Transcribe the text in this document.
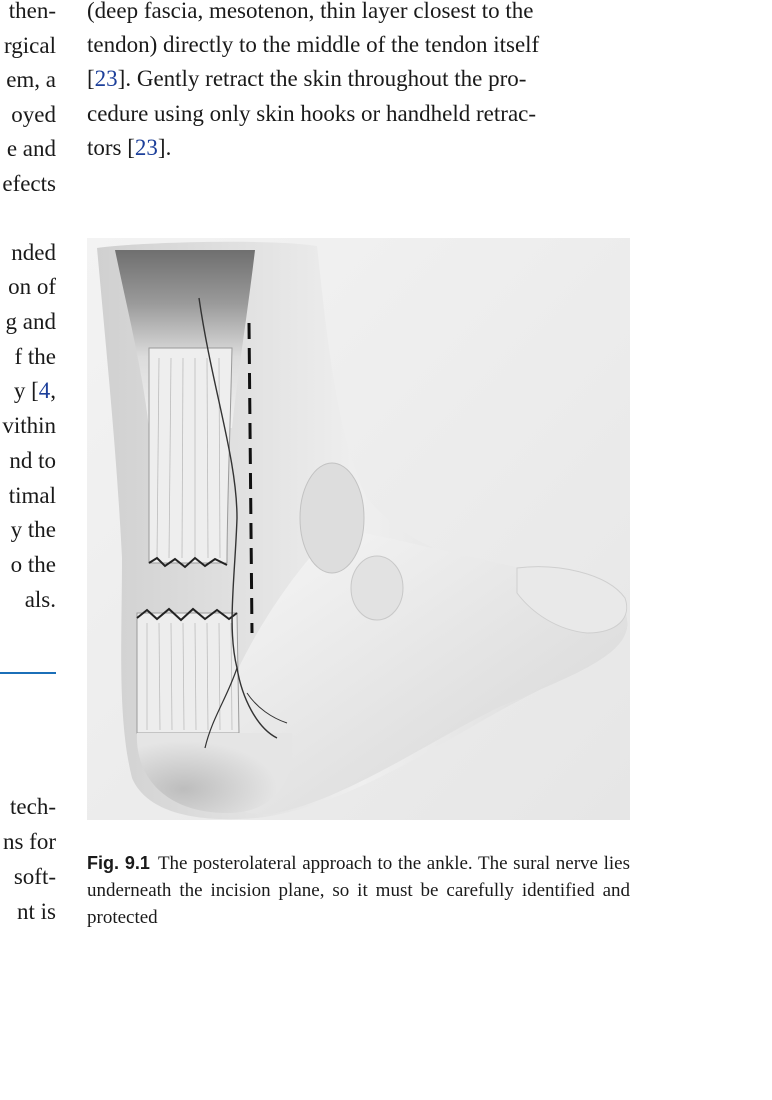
then-
rgical
em, a
oyed
e and
efects
nded
on of
g and
f the
y [4,
vithin
nd to
timal
y the
o the
als.
tech-
ns for
soft-
nt is
(deep fascia, mesotenon, thin layer closest to the
tendon) directly to the middle of the tendon itself
[23]. Gently retract the skin throughout the pro-
cedure using only skin hooks or handheld retrac-
tors [23].
Fig. 9.1 The posterolateral approach to the ankle. The sural nerve lies underneath the incision plane, so it must be carefully identified and protected
